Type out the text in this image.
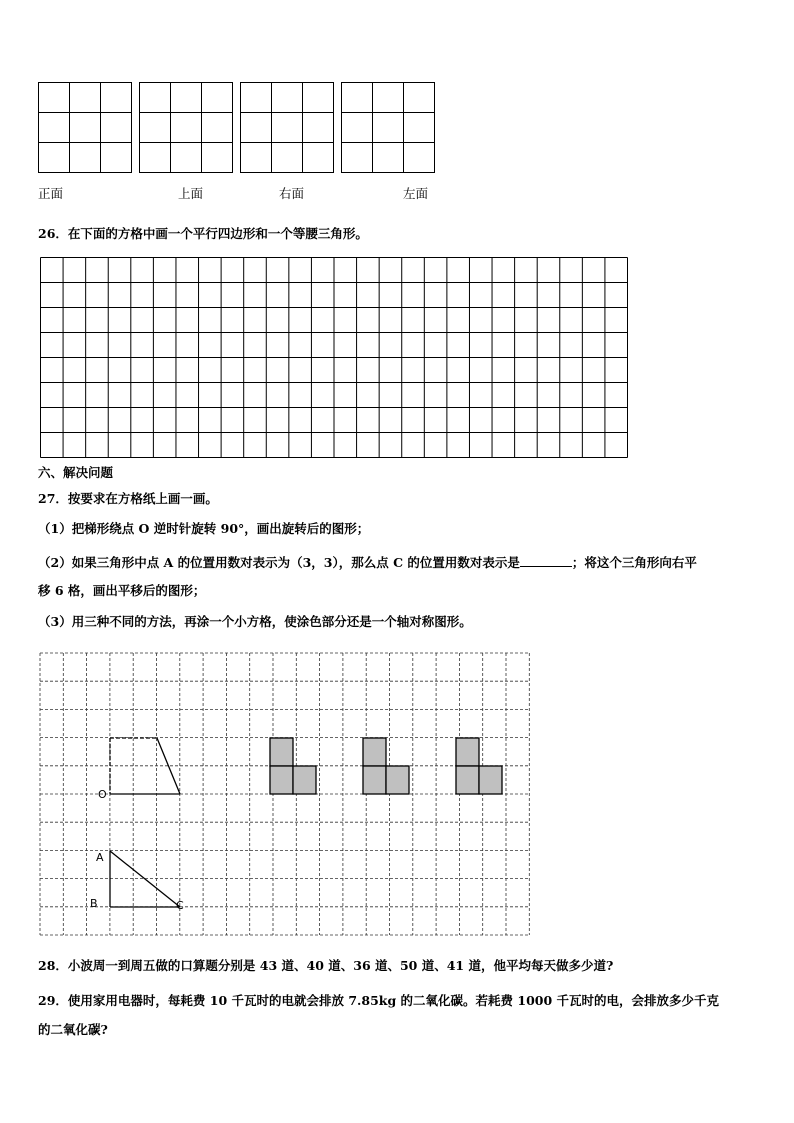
正面	上面	右面	左面
26．在下面的方格中画一个平行四边形和一个等腰三角形。
六、解决问题
27．按要求在方格纸上画一画。
（1）把梯形绕点 O 逆时针旋转 90°，画出旋转后的图形；
（2）如果三角形中点 A 的位置用数对表示为（3，3），那么点 C 的位置用数对表示是	；将这个三角形向右平
移 6 格，画出平移后的图形；
（3）用三种不同的方法，再涂一个小方格，使涂色部分还是一个轴对称图形。
O
A
B	C
28．小波周一到周五做的口算题分别是 43 道、40 道、36 道、50 道、41 道，他平均每天做多少道?
29．使用家用电器时，每耗费 10 千瓦时的电就会排放 7.85kg 的二氧化碳。若耗费 1000 千瓦时的电，会排放多少千克
的二氧化碳?
